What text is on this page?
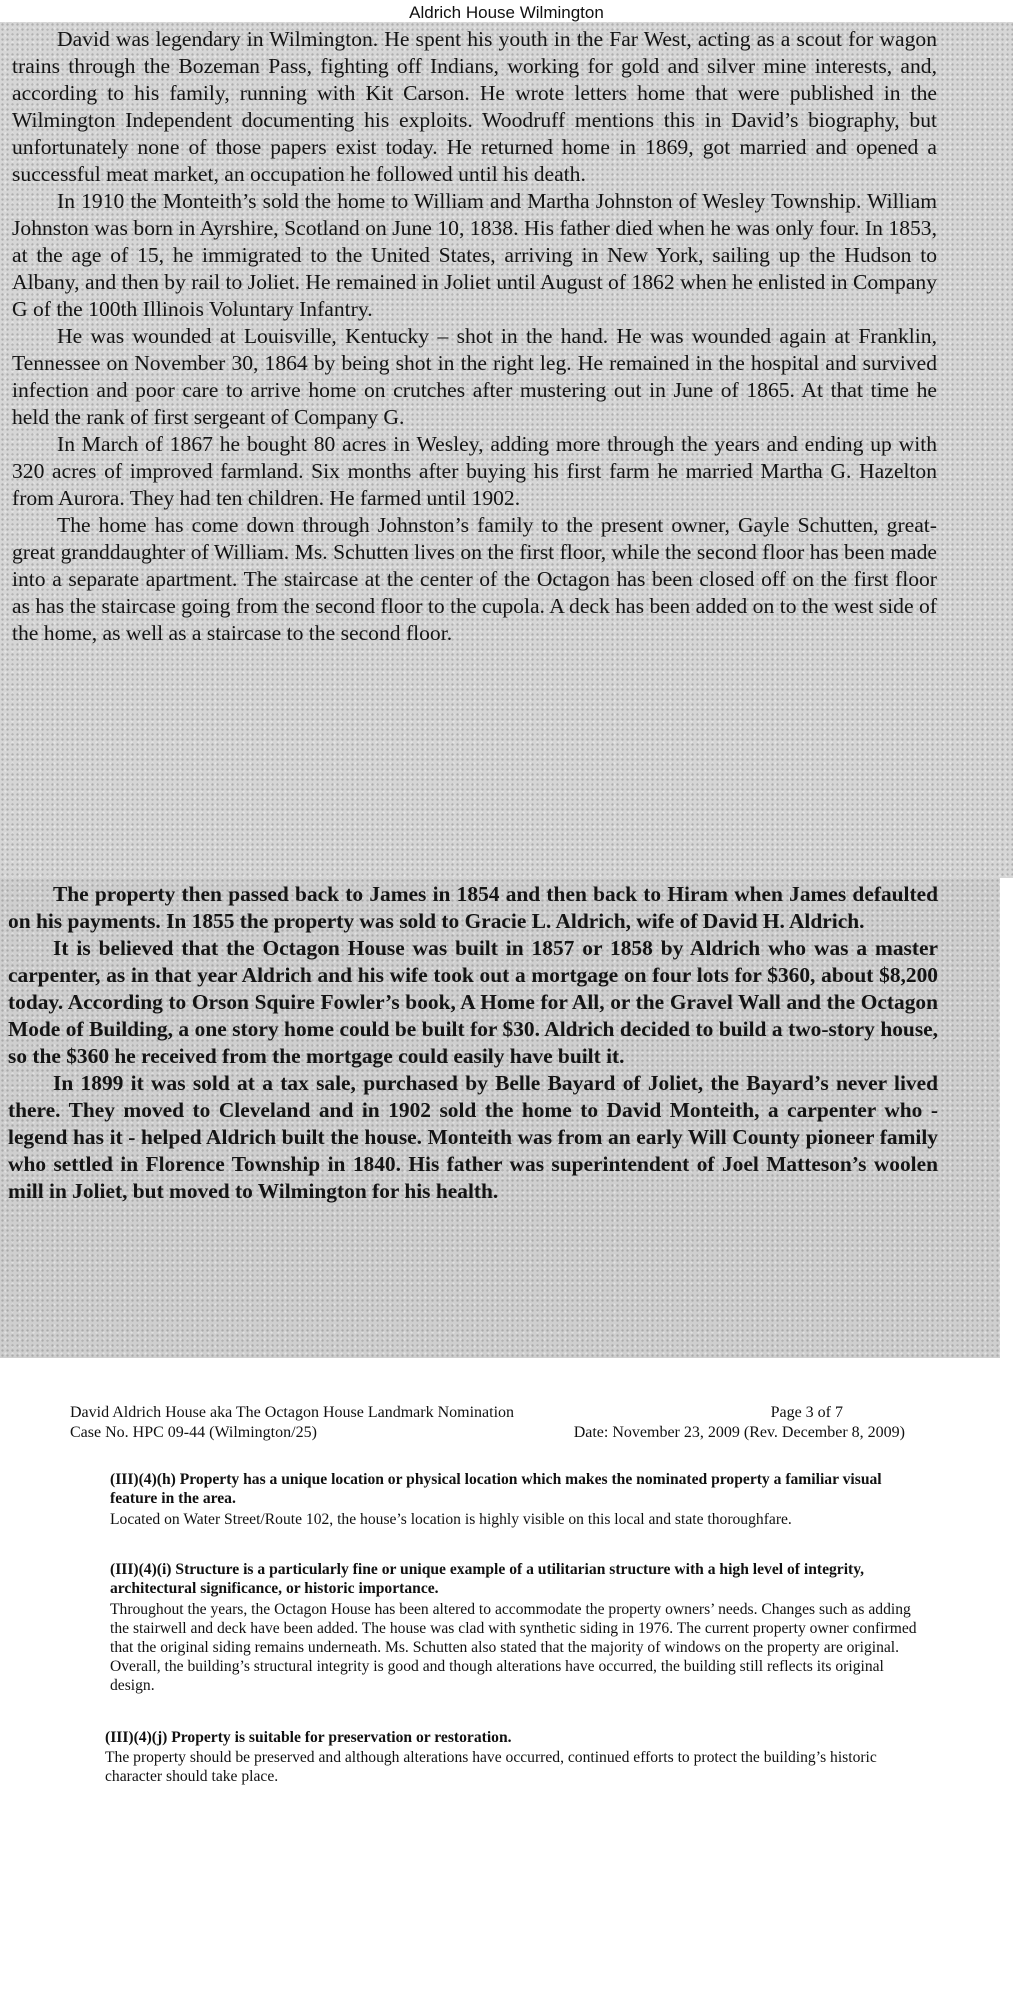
Aldrich House Wilmington

David was legendary in Wilmington. He spent his youth in the Far West, acting as a scout for wagon trains through the Bozeman Pass, fighting off Indians, working for gold and silver mine interests, and, according to his family, running with Kit Carson. He wrote letters home that were published in the Wilmington Independent documenting his exploits. Woodruff mentions this in David’s biography, but unfortunately none of those papers exist today. He returned home in 1869, got married and opened a successful meat market, an occupation he followed until his death.

In 1910 the Monteith’s sold the home to William and Martha Johnston of Wesley Township. William Johnston was born in Ayrshire, Scotland on June 10, 1838. His father died when he was only four. In 1853, at the age of 15, he immigrated to the United States, arriving in New York, sailing up the Hudson to Albany, and then by rail to Joliet. He remained in Joliet until August of 1862 when he enlisted in Company G of the 100th Illinois Voluntary Infantry.

He was wounded at Louisville, Kentucky – shot in the hand. He was wounded again at Franklin, Tennessee on November 30, 1864 by being shot in the right leg. He remained in the hospital and survived infection and poor care to arrive home on crutches after mustering out in June of 1865. At that time he held the rank of first sergeant of Company G.

In March of 1867 he bought 80 acres in Wesley, adding more through the years and ending up with 320 acres of improved farmland. Six months after buying his first farm he married Martha G. Hazelton from Aurora. They had ten children. He farmed until 1902.

The home has come down through Johnston’s family to the present owner, Gayle Schutten, great-great granddaughter of William. Ms. Schutten lives on the first floor, while the second floor has been made into a separate apartment. The staircase at the center of the Octagon has been closed off on the first floor as has the staircase going from the second floor to the cupola. A deck has been added on to the west side of the home, as well as a staircase to the second floor.

The property then passed back to James in 1854 and then back to Hiram when James defaulted on his payments. In 1855 the property was sold to Gracie L. Aldrich, wife of David H. Aldrich.

It is believed that the Octagon House was built in 1857 or 1858 by Aldrich who was a master carpenter, as in that year Aldrich and his wife took out a mortgage on four lots for $360, about $8,200 today. According to Orson Squire Fowler’s book, A Home for All, or the Gravel Wall and the Octagon Mode of Building, a one story home could be built for $30. Aldrich decided to build a two-story house, so the $360 he received from the mortgage could easily have built it.

In 1899 it was sold at a tax sale, purchased by Belle Bayard of Joliet, the Bayard’s never lived there. They moved to Cleveland and in 1902 sold the home to David Monteith, a carpenter who - legend has it - helped Aldrich built the house. Monteith was from an early Will County pioneer family who settled in Florence Township in 1840. His father was superintendent of Joel Matteson’s woolen mill in Joliet, but moved to Wilmington for his health.

David Aldrich House aka The Octagon House Landmark Nomination	Page 3 of 7
Case No. HPC 09-44 (Wilmington/25)	Date: November 23, 2009 (Rev. December 8, 2009)

(III)(4)(h) Property has a unique location or physical location which makes the nominated property a familiar visual feature in the area.

Located on Water Street/Route 102, the house’s location is highly visible on this local and state thoroughfare.

(III)(4)(i) Structure is a particularly fine or unique example of a utilitarian structure with a high level of integrity, architectural significance, or historic importance.

Throughout the years, the Octagon House has been altered to accommodate the property owners’ needs. Changes such as adding the stairwell and deck have been added. The house was clad with synthetic siding in 1976. The current property owner confirmed that the original siding remains underneath. Ms. Schutten also stated that the majority of windows on the property are original. Overall, the building’s structural integrity is good and though alterations have occurred, the building still reflects its original design.

(III)(4)(j) Property is suitable for preservation or restoration.

The property should be preserved and although alterations have occurred, continued efforts to protect the building’s historic character should take place.
